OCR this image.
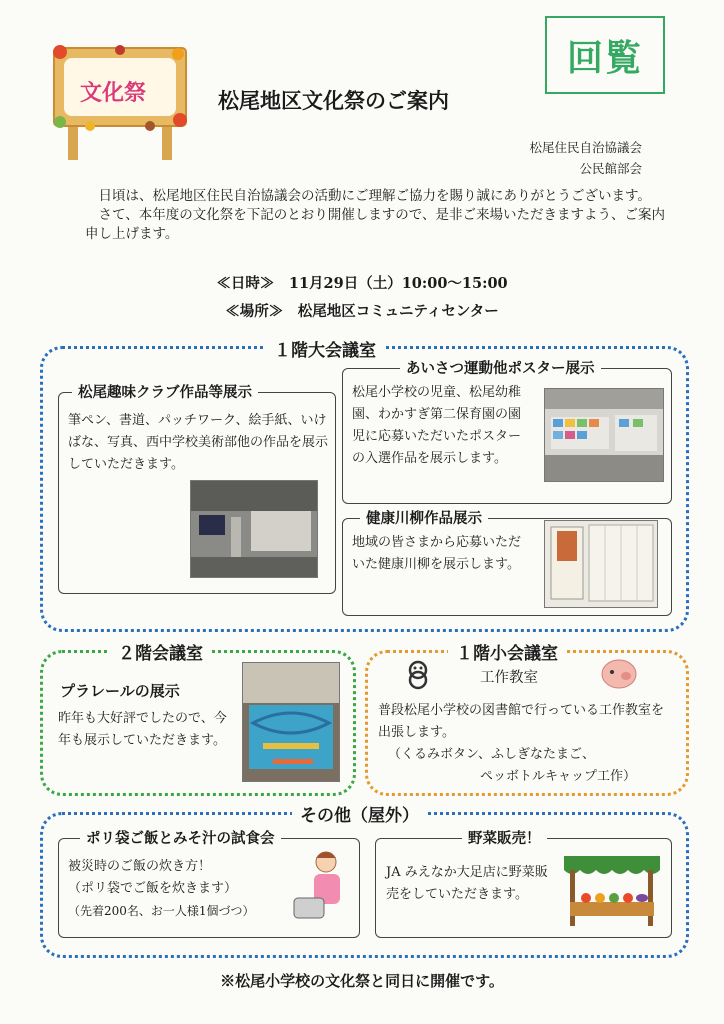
回覧
文化祭	松尾地区文化祭のご案内
松尾住民自治協議会
公民館部会

日頃は、松尾地区住民自治協議会の活動にご理解ご協力を賜り誠にありがとうございます。

さて、本年度の文化祭を下記のとおり開催しますので、是非ご来場いただきますよう、ご案内申し上げます。

≪日時≫　11月29日（土）10:00～15:00
≪場所≫　松尾地区コミュニティセンター
１階大会議室
松尾趣味クラブ作品等展示
筆ペン、書道、パッチワーク、絵手紙、いけばな、写真、西中学校美術部他の作品を展示していただきます。
あいさつ運動他ポスター展示
松尾小学校の児童、松尾幼稚園、わかすぎ第二保育園の園児に応募いただいたポスターの入選作品を展示します。
健康川柳作品展示
地域の皆さまから応募いただいた健康川柳を展示します。
２階会議室
プラレールの展示
昨年も大好評でしたので、今年も展示していただきます。
１階小会議室
工作教室
普段松尾小学校の図書館で行っている工作教室を出張します。
（くるみボタン、ふしぎなたまご、
ペッボトルキャップ工作）
その他（屋外）
ポリ袋ご飯とみそ汁の試食会
被災時のご飯の炊き方！
（ポリ袋でご飯を炊きます）
（先着200名、お一人様1個づつ）
野菜販売！
JA みえなか大足店に野菜販売をしていただきます。
※松尾小学校の文化祭と同日に開催です。
